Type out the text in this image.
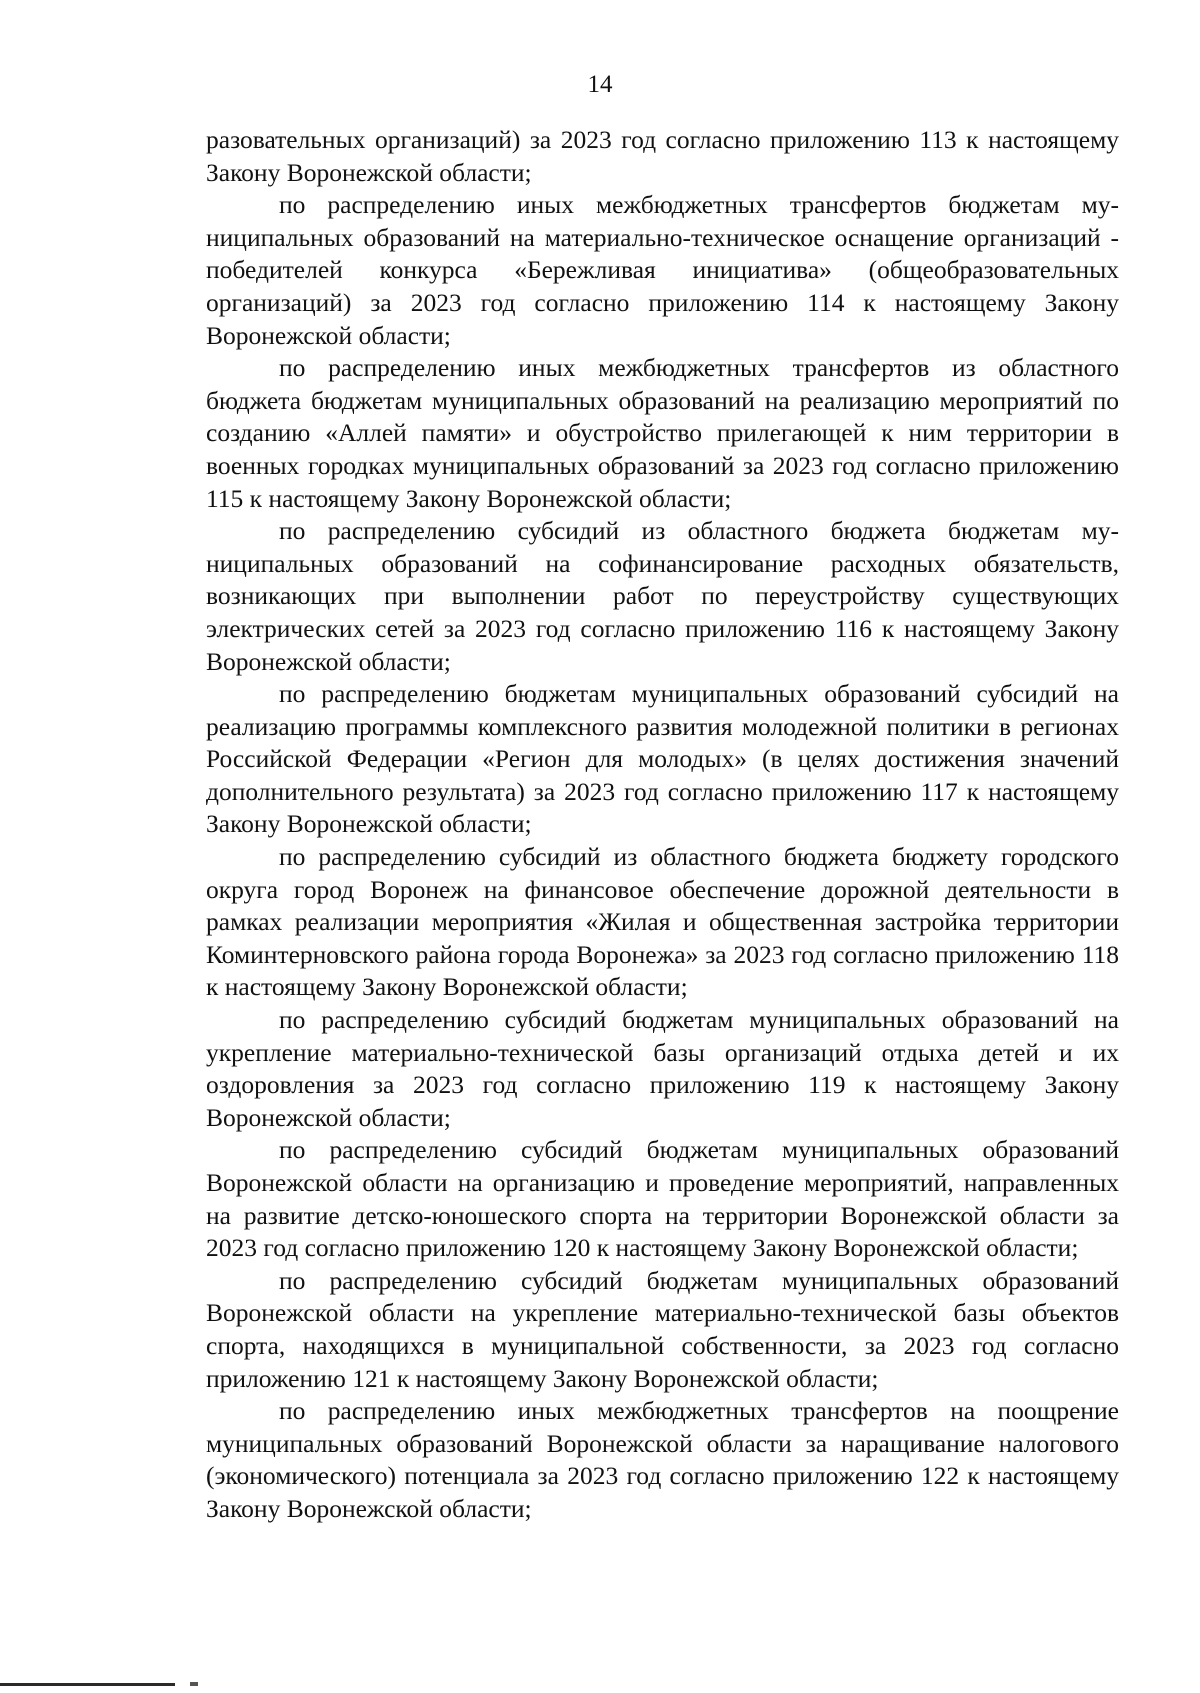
14

разовательных организаций) за 2023 год согласно приложению 113 к настоящему Закону Воронежской области;

по распределению иных межбюджетных трансфертов бюджетам муниципальных образований на материально-техническое оснащение организаций - победителей конкурса «Бережливая инициатива» (общеобразовательных организаций) за 2023 год согласно приложению 114 к настоящему Закону Воронежской области;

по распределению иных межбюджетных трансфертов из областного бюджета бюджетам муниципальных образований на реализацию мероприятий по созданию «Аллей памяти» и обустройство прилегающей к ним территории в военных городках муниципальных образований за 2023 год согласно приложению 115 к настоящему Закону Воронежской области;

по распределению субсидий из областного бюджета бюджетам муниципальных образований на софинансирование расходных обязательств, возникающих при выполнении работ по переустройству существующих электрических сетей за 2023 год согласно приложению 116 к настоящему Закону Воронежской области;

по распределению бюджетам муниципальных образований субсидий на реализацию программы комплексного развития молодежной политики в регионах Российской Федерации «Регион для молодых» (в целях достижения значений дополнительного результата) за 2023 год согласно приложению 117 к настоящему Закону Воронежской области;

по распределению субсидий из областного бюджета бюджету городского округа город Воронеж на финансовое обеспечение дорожной деятельности в рамках реализации мероприятия «Жилая и общественная застройка территории Коминтерновского района города Воронежа» за 2023 год согласно приложению 118 к настоящему Закону Воронежской области;

по распределению субсидий бюджетам муниципальных образований на укрепление материально-технической базы организаций отдыха детей и их оздоровления за 2023 год согласно приложению 119 к настоящему Закону Воронежской области;

по распределению субсидий бюджетам муниципальных образований Воронежской области на организацию и проведение мероприятий, направленных на развитие детско-юношеского спорта на территории Воронежской области за 2023 год согласно приложению 120 к настоящему Закону Воронежской области;

по распределению субсидий бюджетам муниципальных образований Воронежской области на укрепление материально-технической базы объектов спорта, находящихся в муниципальной собственности, за 2023 год согласно приложению 121 к настоящему Закону Воронежской области;

по распределению иных межбюджетных трансфертов на поощрение муниципальных образований Воронежской области за наращивание налогового (экономического) потенциала за 2023 год согласно приложению 122 к настоящему Закону Воронежской области;
